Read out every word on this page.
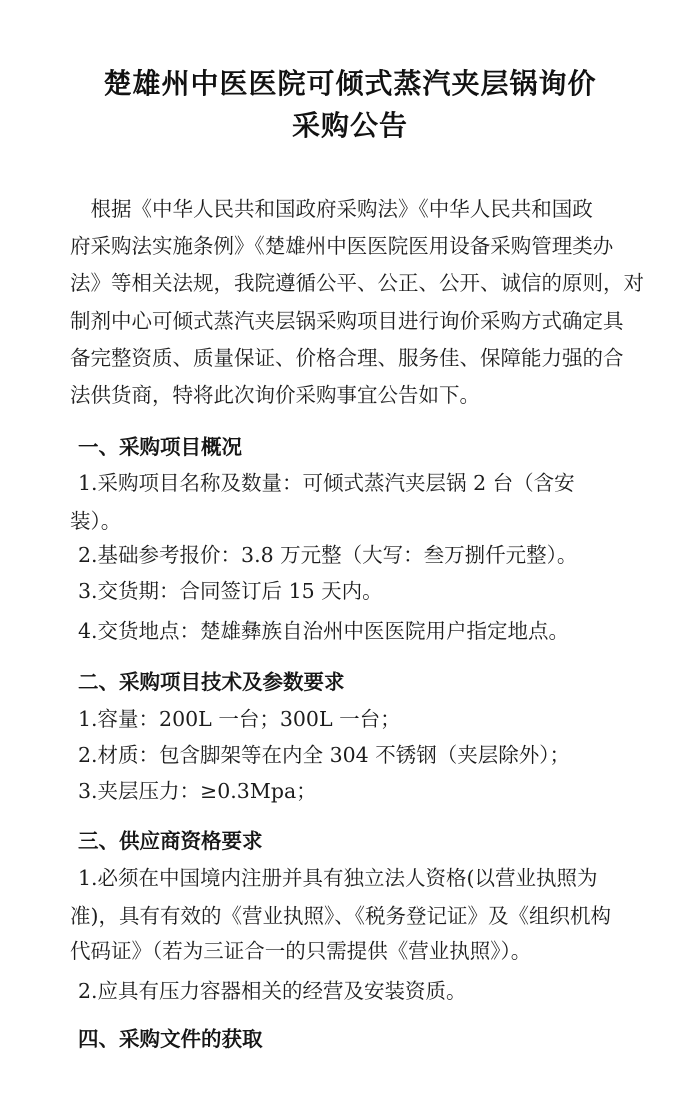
楚雄州中医医院可倾式蒸汽夹层锅询价
采购公告
　根据《中华人民共和国政府采购法》《中华人民共和国政
府采购法实施条例》《楚雄州中医医院医用设备采购管理类办
法》等相关法规，我院遵循公平、公正、公开、诚信的原则，对
制剂中心可倾式蒸汽夹层锅采购项目进行询价采购方式确定具
备完整资质、质量保证、价格合理、服务佳、保障能力强的合
法供货商，特将此次询价采购事宜公告如下。
一、采购项目概况
1.采购项目名称及数量：可倾式蒸汽夹层锅 2 台（含安
装）。
2.基础参考报价：3.8 万元整（大写：叁万捌仟元整）。
3.交货期：合同签订后 15 天内。
4.交货地点：楚雄彝族自治州中医医院用户指定地点。
二、采购项目技术及参数要求
1.容量：200L 一台；300L 一台；
2.材质：包含脚架等在内全 304 不锈钢（夹层除外）；
3.夹层压力：≥0.3Mpa；
三、供应商资格要求
1.必须在中国境内注册并具有独立法人资格(以营业执照为
准)，具有有效的《营业执照》、《税务登记证》及《组织机构
代码证》（若为三证合一的只需提供《营业执照》）。
2.应具有压力容器相关的经营及安装资质。
四、采购文件的获取
